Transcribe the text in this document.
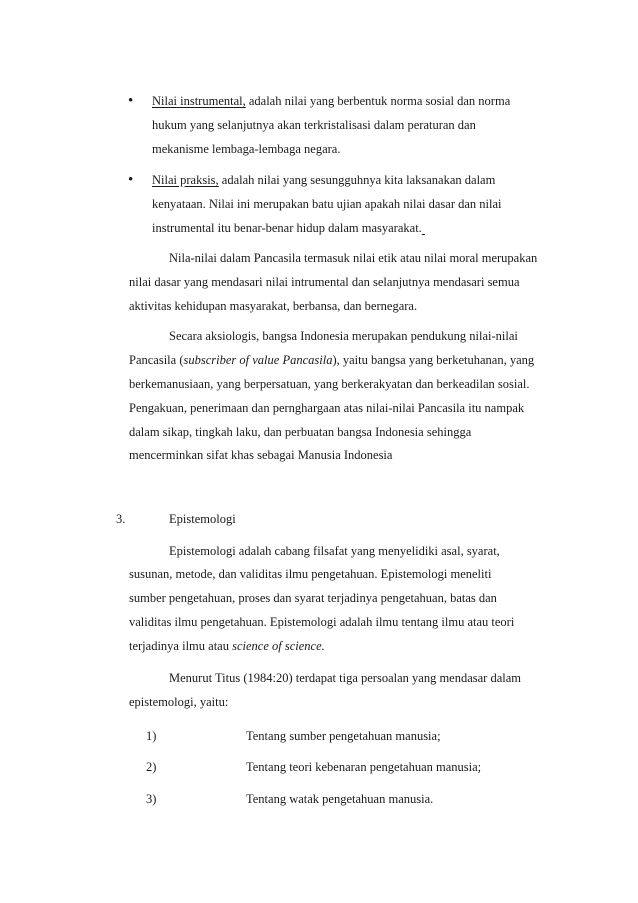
• Nilai instrumental, adalah nilai yang berbentuk norma sosial dan norma
hukum yang selanjutnya akan terkristalisasi dalam peraturan dan
mekanisme lembaga-lembaga negara.
• Nilai praksis, adalah nilai yang sesungguhnya kita laksanakan dalam
kenyataan. Nilai ini merupakan batu ujian apakah nilai dasar dan nilai
instrumental itu benar-benar hidup dalam masyarakat.
Nila-nilai dalam Pancasila termasuk nilai etik atau nilai moral merupakan
nilai dasar yang mendasari nilai intrumental dan selanjutnya mendasari semua
aktivitas kehidupan masyarakat, berbansa, dan bernegara.
Secara aksiologis, bangsa Indonesia merupakan pendukung nilai-nilai
Pancasila (subscriber of value Pancasila), yaitu bangsa yang berketuhanan, yang
berkemanusiaan, yang berpersatuan, yang berkerakyatan dan berkeadilan sosial.
Pengakuan, penerimaan dan pernghargaan atas nilai-nilai Pancasila itu nampak
dalam sikap, tingkah laku, dan perbuatan bangsa Indonesia sehingga
mencerminkan sifat khas sebagai Manusia Indonesia
3.	Epistemologi
Epistemologi adalah cabang filsafat yang menyelidiki asal, syarat,
susunan, metode, dan validitas ilmu pengetahuan. Epistemologi meneliti
sumber pengetahuan, proses dan syarat terjadinya pengetahuan, batas dan
validitas ilmu pengetahuan. Epistemologi adalah ilmu tentang ilmu atau teori
terjadinya ilmu atau science of science.
Menurut Titus (1984:20) terdapat tiga persoalan yang mendasar dalam
epistemologi, yaitu:
1)	Tentang sumber pengetahuan manusia;
2)	Tentang teori kebenaran pengetahuan manusia;
3)	Tentang watak pengetahuan manusia.
